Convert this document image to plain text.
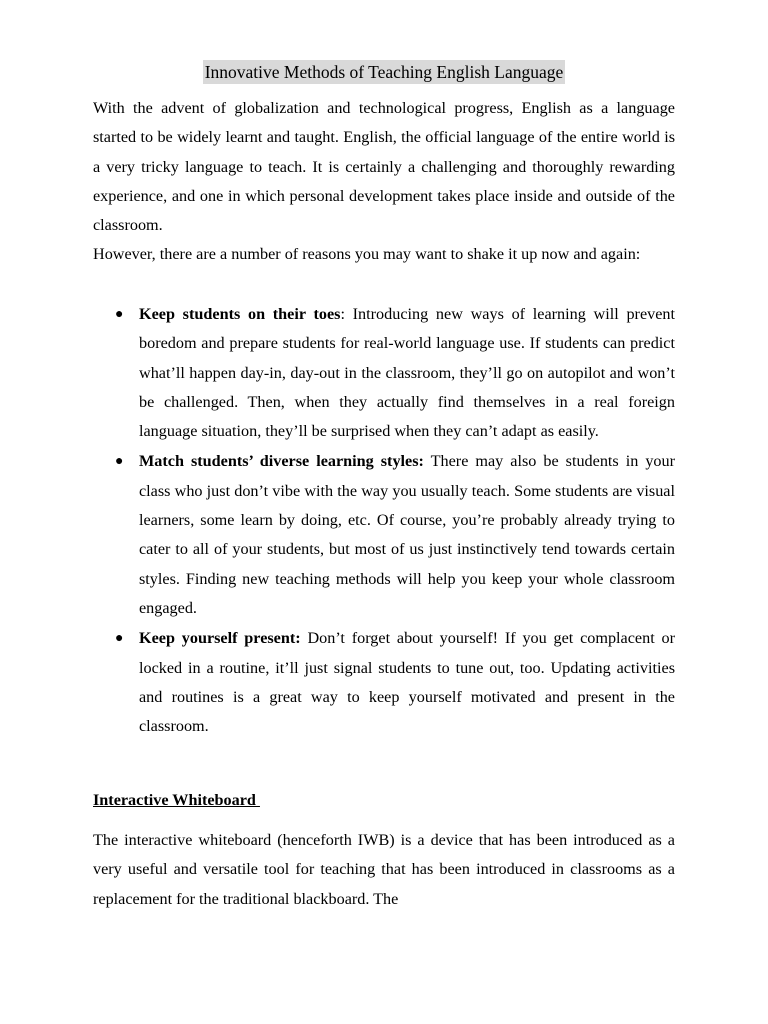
Innovative Methods of Teaching English Language

With the advent of globalization and technological progress, English as a language started to be widely learnt and taught. English, the official language of the entire world is a very tricky language to teach. It is certainly a challenging and thoroughly rewarding experience, and one in which personal development takes place inside and outside of the classroom.

However, there are a number of reasons you may want to shake it up now and again:

● Keep students on their toes: Introducing new ways of learning will prevent boredom and prepare students for real-world language use. If students can predict what’ll happen day-in, day-out in the classroom, they’ll go on autopilot and won’t be challenged. Then, when they actually find themselves in a real foreign language situation, they’ll be surprised when they can’t adapt as easily.
● Match students’ diverse learning styles: There may also be students in your class who just don’t vibe with the way you usually teach. Some students are visual learners, some learn by doing, etc. Of course, you’re probably already trying to cater to all of your students, but most of us just instinctively tend towards certain styles. Finding new teaching methods will help you keep your whole classroom engaged.
● Keep yourself present: Don’t forget about yourself! If you get complacent or locked in a routine, it’ll just signal students to tune out, too. Updating activities and routines is a great way to keep yourself motivated and present in the classroom.
Interactive Whiteboard

The interactive whiteboard (henceforth IWB) is a device that has been introduced as a very useful and versatile tool for teaching that has been introduced in classrooms as a replacement for the traditional blackboard. The
